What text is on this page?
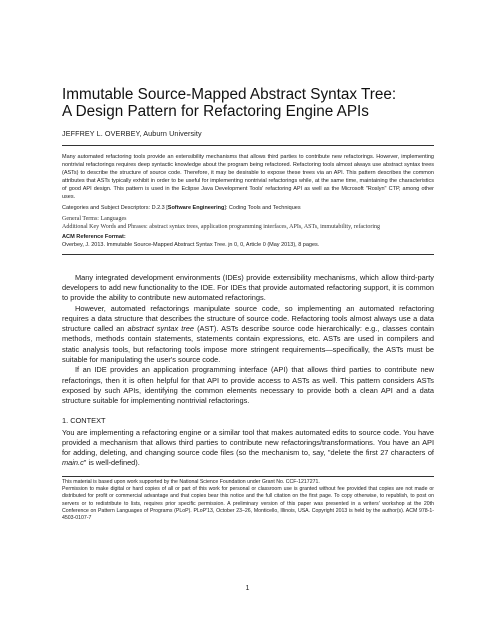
Immutable Source-Mapped Abstract Syntax Tree:
A Design Pattern for Refactoring Engine APIs
JEFFREY L. OVERBEY, Auburn University

Many automated refactoring tools provide an extensibility mechanisms that allows third parties to contribute new refactorings. However, implementing nontrivial refactorings requires deep syntactic knowledge about the program being refactored. Refactoring tools almost always use abstract syntax trees (ASTs) to describe the structure of source code. Therefore, it may be desirable to expose these trees via an API. This pattern describes the common attributes that ASTs typically exhibit in order to be useful for implementing nontrivial refactorings while, at the same time, maintaining the characteristics of good API design. This pattern is used in the Eclipse Java Development Tools' refactoring API as well as the Microsoft "Roslyn" CTP, among other uses.

Categories and Subject Descriptors: D.2.3 [Software Engineering]: Coding Tools and Techniques
General Terms: Languages
Additional Key Words and Phrases: abstract syntax trees, application programming interfaces, APIs, ASTs, immutability, refactoring
ACM Reference Format:
Overbey, J. 2013. Immutable Source-Mapped Abstract Syntax Tree. jn 0, 0, Article 0 (May 2013), 8 pages.

Many integrated development environments (IDEs) provide extensibility mechanisms, which allow third-party developers to add new functionality to the IDE. For IDEs that provide automated refactoring support, it is common to provide the ability to contribute new automated refactorings.

However, automated refactorings manipulate source code, so implementing an automated refactoring requires a data structure that describes the structure of source code. Refactoring tools almost always use a data structure called an abstract syntax tree (AST). ASTs describe source code hierarchically: e.g., classes contain methods, methods contain statements, statements contain expressions, etc. ASTs are used in compilers and static analysis tools, but refactoring tools impose more stringent requirements—specifically, the ASTs must be suitable for manipulating the user's source code.

If an IDE provides an application programming interface (API) that allows third parties to contribute new refactorings, then it is often helpful for that API to provide access to ASTs as well. This pattern considers ASTs exposed by such APIs, identifying the common elements necessary to provide both a clean API and a data structure suitable for implementing nontrivial refactorings.

1. CONTEXT

You are implementing a refactoring engine or a similar tool that makes automated edits to source code. You have provided a mechanism that allows third parties to contribute new refactorings/transformations. You have an API for adding, deleting, and changing source code files (so the mechanism to, say, "delete the first 27 characters of main.c" is well-defined).

This material is based upon work supported by the National Science Foundation under Grant No. CCF-1217271.

Permission to make digital or hard copies of all or part of this work for personal or classroom use is granted without fee provided that copies are not made or distributed for profit or commercial advantage and that copies bear this notice and the full citation on the first page. To copy otherwise, to republish, to post on servers or to redistribute to lists, requires prior specific permission. A preliminary version of this paper was presented in a writers' workshop at the 20th Conference on Pattern Languages of Programs (PLoP). PLoP'13, October 23–26, Monticello, Illinois, USA. Copyright 2013 is held by the author(s). ACM 978-1-4503-0107-7

1
